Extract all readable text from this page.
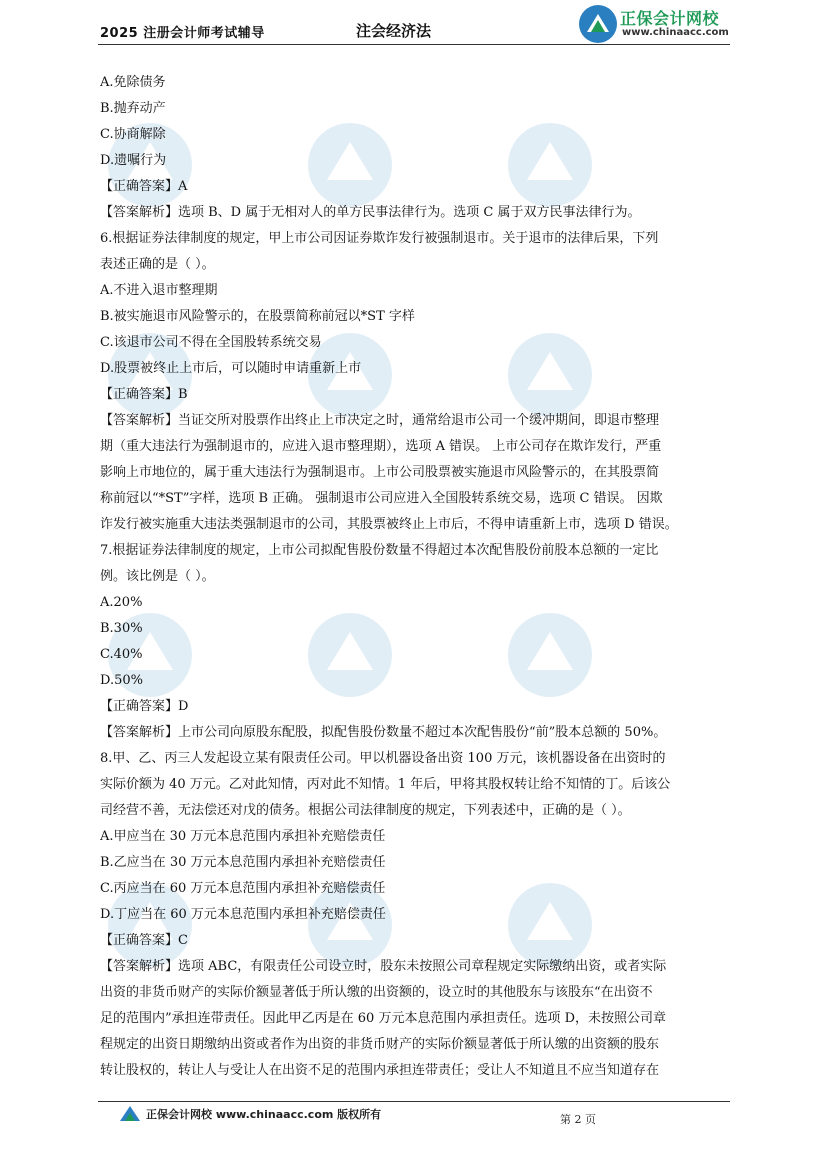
2025 注册会计师考试辅导	注会经济法
正保会计网校
www.chinaacc.com
A.免除债务
B.抛弃动产
C.协商解除
D.遗嘱行为
【正确答案】A
【答案解析】选项 B、D 属于无相对人的单方民事法律行为。选项 C 属于双方民事法律行为。
6.根据证券法律制度的规定，甲上市公司因证券欺诈发行被强制退市。关于退市的法律后果，下列
表述正确的是（ ）。
A.不进入退市整理期
B.被实施退市风险警示的，在股票简称前冠以*ST 字样
C.该退市公司不得在全国股转系统交易
D.股票被终止上市后，可以随时申请重新上市
【正确答案】B
【答案解析】当证交所对股票作出终止上市决定之时，通常给退市公司一个缓冲期间，即退市整理
期（重大违法行为强制退市的，应进入退市整理期），选项 A 错误。 上市公司存在欺诈发行，严重
影响上市地位的，属于重大违法行为强制退市。上市公司股票被实施退市风险警示的，在其股票简
称前冠以“*ST”字样，选项 B 正确。 强制退市公司应进入全国股转系统交易，选项 C 错误。 因欺
诈发行被实施重大违法类强制退市的公司，其股票被终止上市后，不得申请重新上市，选项 D 错误。
7.根据证券法律制度的规定，上市公司拟配售股份数量不得超过本次配售股份前股本总额的一定比
例。该比例是（ ）。
A.20%
B.30%
C.40%
D.50%
【正确答案】D
【答案解析】上市公司向原股东配股，拟配售股份数量不超过本次配售股份“前”股本总额的 50%。
8.甲、乙、丙三人发起设立某有限责任公司。甲以机器设备出资 100 万元，该机器设备在出资时的
实际价额为 40 万元。乙对此知情，丙对此不知情。1 年后，甲将其股权转让给不知情的丁。后该公
司经营不善，无法偿还对戊的债务。根据公司法律制度的规定，下列表述中，正确的是（ ）。
A.甲应当在 30 万元本息范围内承担补充赔偿责任
B.乙应当在 30 万元本息范围内承担补充赔偿责任
C.丙应当在 60 万元本息范围内承担补充赔偿责任
D.丁应当在 60 万元本息范围内承担补充赔偿责任
【正确答案】C
【答案解析】选项 ABC，有限责任公司设立时，股东未按照公司章程规定实际缴纳出资，或者实际
出资的非货币财产的实际价额显著低于所认缴的出资额的，设立时的其他股东与该股东“在出资不
足的范围内”承担连带责任。因此甲乙丙是在 60 万元本息范围内承担责任。选项 D，未按照公司章
程规定的出资日期缴纳出资或者作为出资的非货币财产的实际价额显著低于所认缴的出资额的股东
转让股权的，转让人与受让人在出资不足的范围内承担连带责任；受让人不知道且不应当知道存在
正保会计网校 www.chinaacc.com 版权所有	第 2 页
